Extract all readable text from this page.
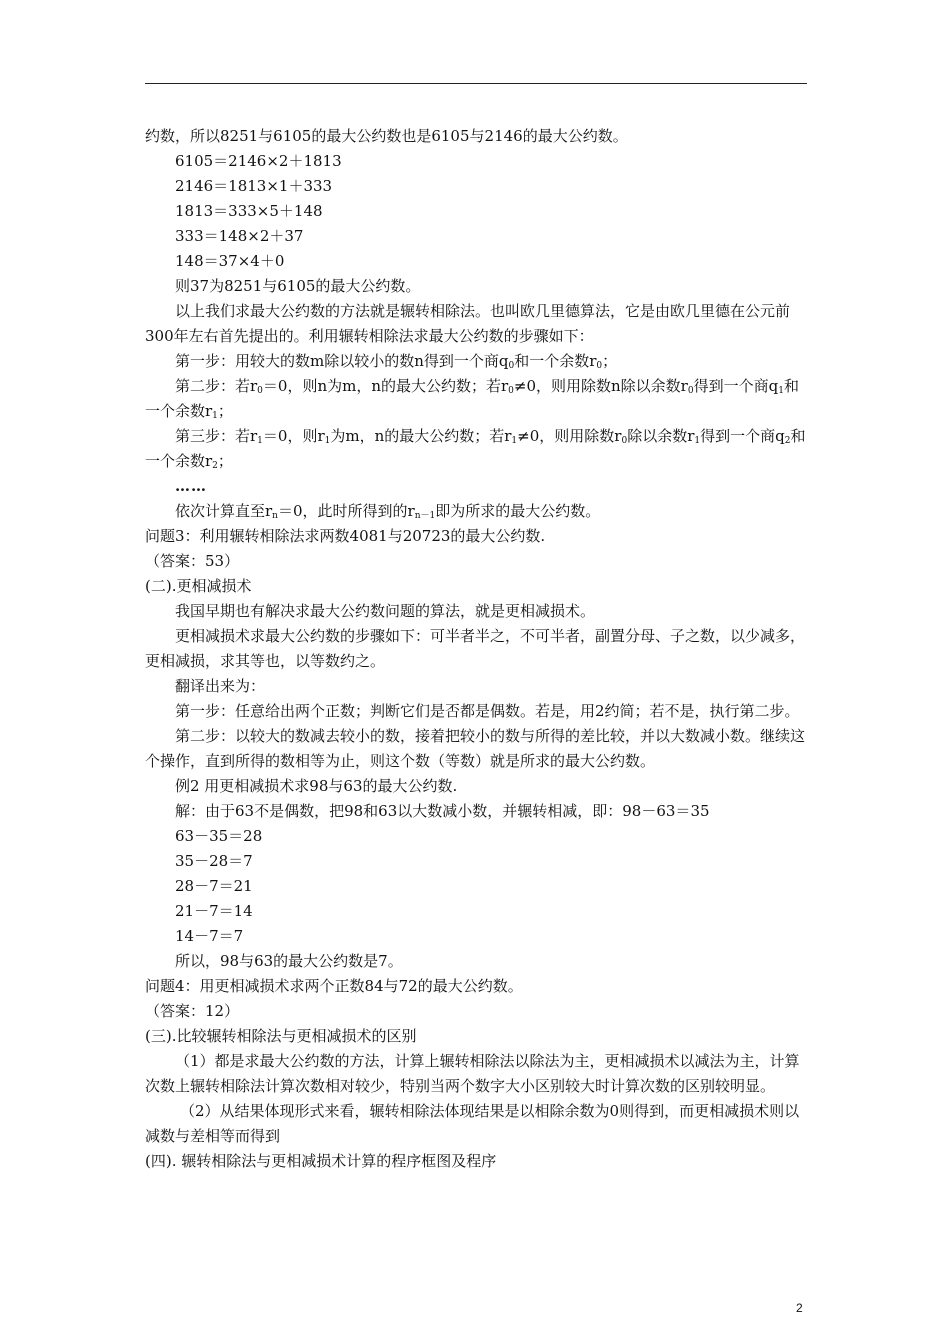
约数，所以8251与6105的最大公约数也是6105与2146的最大公约数。

6105＝2146×2＋1813

2146＝1813×1＋333

1813＝333×5＋148

333＝148×2＋37

148＝37×4＋0

则37为8251与6105的最大公约数。

以上我们求最大公约数的方法就是辗转相除法。也叫欧几里德算法，它是由欧几里德在公元前300年左右首先提出的。利用辗转相除法求最大公约数的步骤如下：

第一步：用较大的数m除以较小的数n得到一个商$q_0$和一个余数$r_0$；

第二步：若$r_0=0$，则n为m，n的最大公约数；若$r_0\ne 0$，则用除数n除以余数$r_0$得到一个商$q_1$和一个余数$r_1$；

第三步：若$r_1=0$，则$r_1$为m，n的最大公约数；若$r_1\ne 0$，则用除数$r_0$除以余数$r_1$得到一个商$q_2$和一个余数$r_2$；

……

依次计算直至$r_n=0$，此时所得到的$r_{n-1}$即为所求的最大公约数。

问题3：利用辗转相除法求两数4081与20723的最大公约数.

（答案：53）

(二).更相减损术

我国早期也有解决求最大公约数问题的算法，就是更相减损术。

更相减损术求最大公约数的步骤如下：可半者半之，不可半者，副置分母、子之数，以少减多，更相减损，求其等也，以等数约之。

翻译出来为：

第一步：任意给出两个正数；判断它们是否都是偶数。若是，用2约简；若不是，执行第二步。

第二步：以较大的数减去较小的数，接着把较小的数与所得的差比较，并以大数减小数。继续这个操作，直到所得的数相等为止，则这个数（等数）就是所求的最大公约数。

例2 用更相减损术求98与63的最大公约数.

解：由于63不是偶数，把98和63以大数减小数，并辗转相减，即：98－63＝35

63－35＝28

35－28＝7

28－7＝21

21－7＝14

14－7＝7

所以，98与63的最大公约数是7。

问题4：用更相减损术求两个正数84与72的最大公约数。

（答案：12）

(三).比较辗转相除法与更相减损术的区别

（1）都是求最大公约数的方法，计算上辗转相除法以除法为主，更相减损术以减法为主，计算次数上辗转相除法计算次数相对较少，特别当两个数字大小区别较大时计算次数的区别较明显。

（2）从结果体现形式来看，辗转相除法体现结果是以相除余数为0则得到，而更相减损术则以减数与差相等而得到

(四). 辗转相除法与更相减损术计算的程序框图及程序

2
